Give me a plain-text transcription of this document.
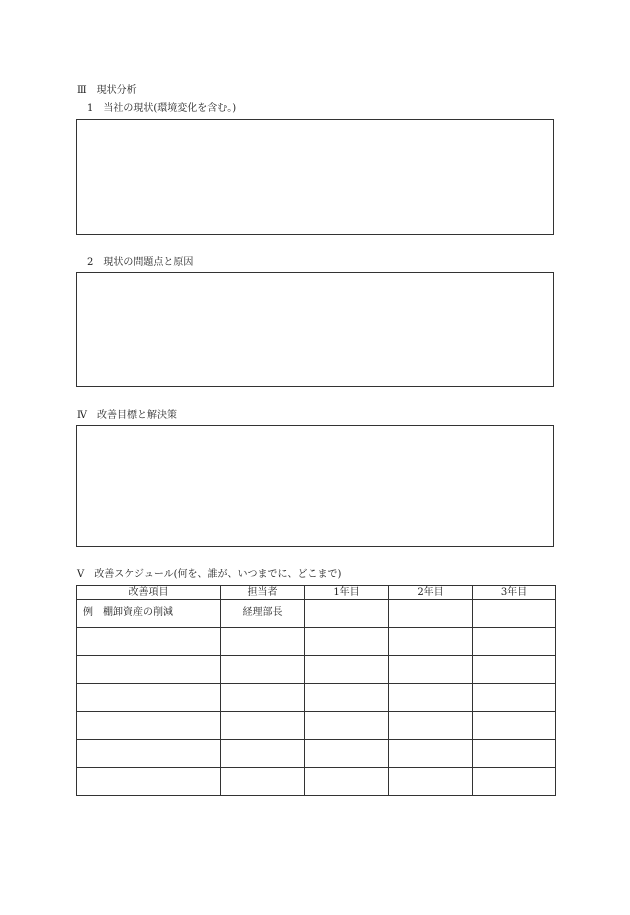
Ⅲ　現状分析
1　当社の現状(環境変化を含む。)
2　現状の問題点と原因
Ⅳ　改善目標と解決策
Ⅴ　改善スケジュール(何を、誰が、いつまでに、どこまで)
改善項目	担当者	1年目	2年目	3年目
例　棚卸資産の削減	経理部長			
